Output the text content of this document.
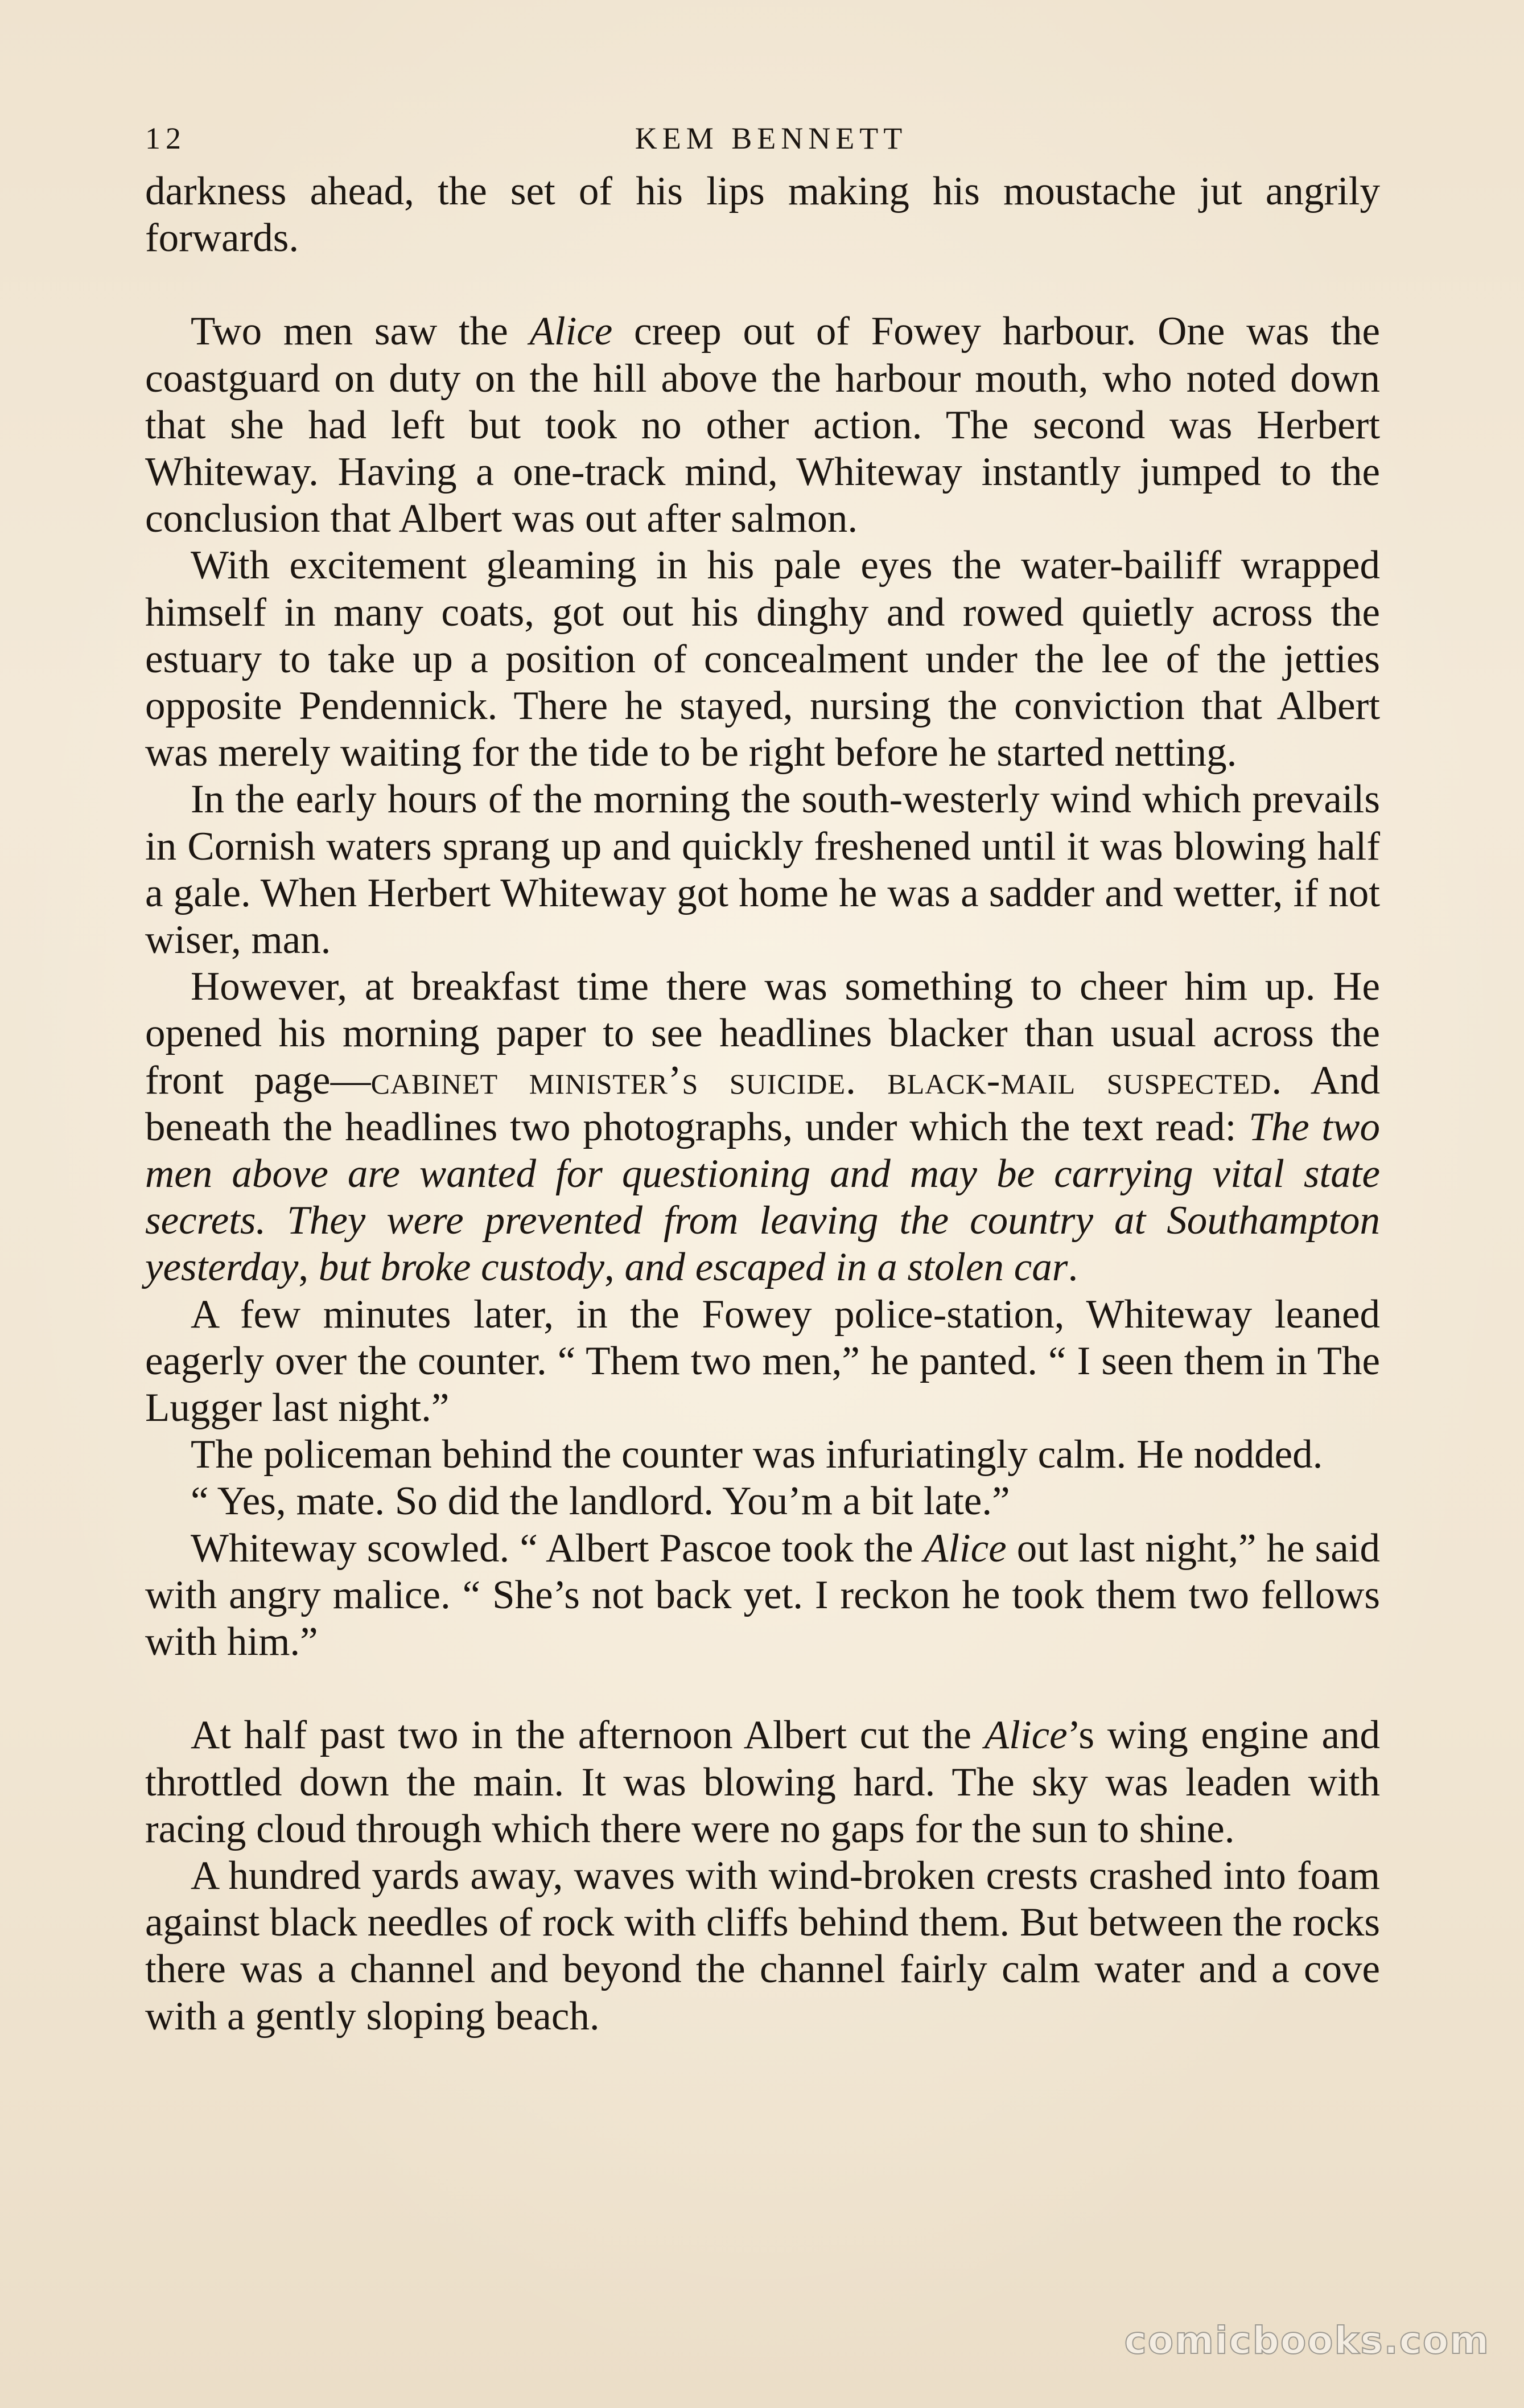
12	KEM BENNETT

darkness ahead, the set of his lips making his moustache jut angrily forwards.

Two men saw the Alice creep out of Fowey harbour. One was the coastguard on duty on the hill above the harbour mouth, who noted down that she had left but took no other action. The second was Herbert Whiteway. Having a one-track mind, Whiteway instantly jumped to the conclusion that Albert was out after salmon.

With excitement gleaming in his pale eyes the water-bailiff wrapped himself in many coats, got out his dinghy and rowed quietly across the estuary to take up a position of concealment under the lee of the jetties opposite Pendennick. There he stayed, nursing the conviction that Albert was merely waiting for the tide to be right before he started netting.

In the early hours of the morning the south-westerly wind which prevails in Cornish waters sprang up and quickly freshened until it was blowing half a gale. When Herbert Whiteway got home he was a sadder and wetter, if not wiser, man.

However, at breakfast time there was something to cheer him up. He opened his morning paper to see headlines blacker than usual across the front page—cabinet minister’s suicide. black-mail suspected. And beneath the headlines two photographs, under which the text read: The two men above are wanted for questioning and may be carrying vital state secrets. They were prevented from leaving the country at Southampton yesterday, but broke custody, and escaped in a stolen car.

A few minutes later, in the Fowey police-station, Whiteway leaned eagerly over the counter. “ Them two men,” he panted. “ I seen them in The Lugger last night.”

The policeman behind the counter was infuriatingly calm. He nodded.

“ Yes, mate. So did the landlord. You’m a bit late.”

Whiteway scowled. “ Albert Pascoe took the Alice out last night,” he said with angry malice. “ She’s not back yet. I reckon he took them two fellows with him.”

At half past two in the afternoon Albert cut the Alice’s wing engine and throttled down the main. It was blowing hard. The sky was leaden with racing cloud through which there were no gaps for the sun to shine.

A hundred yards away, waves with wind-broken crests crashed into foam against black needles of rock with cliffs behind them. But between the rocks there was a channel and beyond the channel fairly calm water and a cove with a gently sloping beach.

comicbooks.com
